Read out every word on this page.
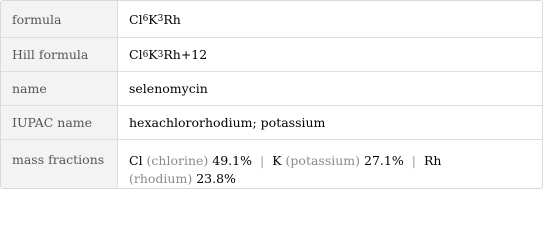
formula	Cl 6 K 3 Rh
Hill formula	Cl 6 K 3 Rh+12
name	selenomycin
IUPAC name	hexachlororhodium; potassium
mass fractions	Cl (chlorine) 49.1% | K (potassium) 27.1% | Rh
(rhodium) 23.8%
